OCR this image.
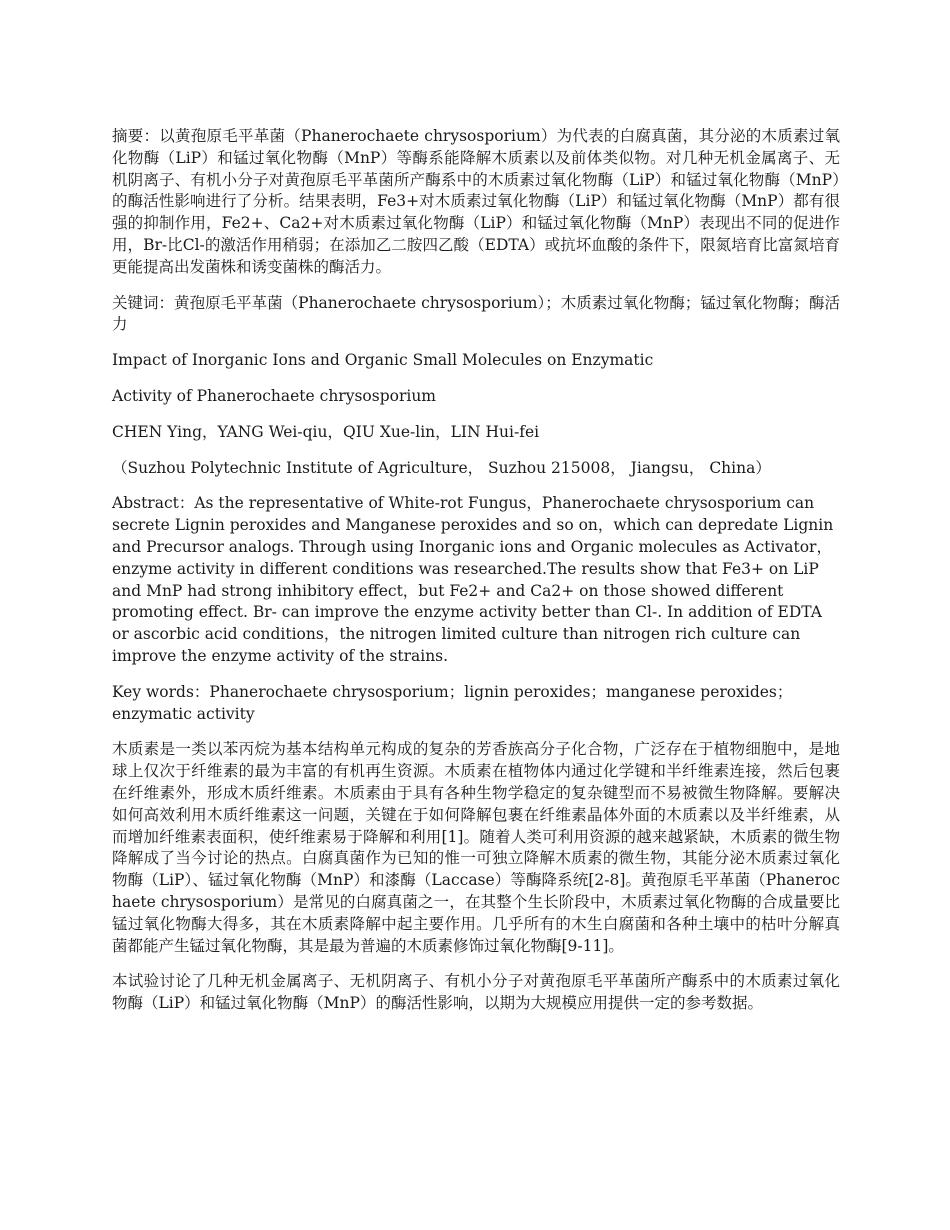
摘要：以黄孢原毛平革菌（Phanerochaete chrysosporium）为代表的白腐真菌，其分泌的木质素过氧化物酶（LiP）和锰过氧化物酶（MnP）等酶系能降解木质素以及前体类似物。对几种无机金属离子、无机阴离子、有机小分子对黄孢原毛平革菌所产酶系中的木质素过氧化物酶（LiP）和锰过氧化物酶（MnP）的酶活性影响进行了分析。结果表明，Fe3+对木质素过氧化物酶（LiP）和锰过氧化物酶（MnP）都有很强的抑制作用，Fe2+、Ca2+对木质素过氧化物酶（LiP）和锰过氧化物酶（MnP）表现出不同的促进作用，Br-比Cl-的激活作用稍弱；在添加乙二胺四乙酸（EDTA）或抗坏血酸的条件下，限氮培育比富氮培育更能提高出发菌株和诱变菌株的酶活力。

关键词：黄孢原毛平革菌（Phanerochaete chrysosporium）；木质素过氧化物酶；锰过氧化物酶；酶活力

Impact of Inorganic Ions and Organic Small Molecules on Enzymatic

Activity of Phanerochaete chrysosporium

CHEN Ying，YANG Wei-qiu，QIU Xue-lin，LIN Hui-fei

（Suzhou Polytechnic Institute of Agriculture， Suzhou 215008， Jiangsu， China）

Abstract：As the representative of White-rot Fungus，Phanerochaete chrysosporium can secrete Lignin peroxides and Manganese peroxides and so on，which can depredate Lignin and Precursor analogs. Through using Inorganic ions and Organic molecules as Activator，enzyme activity in different conditions was researched.The results show that Fe3+ on LiP and MnP had strong inhibitory effect，but Fe2+ and Ca2+ on those showed different promoting effect. Br- can improve the enzyme activity better than Cl-. In addition of EDTA or ascorbic acid conditions，the nitrogen limited culture than nitrogen rich culture can improve the enzyme activity of the strains.

Key words：Phanerochaete chrysosporium；lignin peroxides；manganese peroxides；enzymatic activity

木质素是一类以苯丙烷为基本结构单元构成的复杂的芳香族高分子化合物，广泛存在于植物细胞中，是地球上仅次于纤维素的最为丰富的有机再生资源。木质素在植物体内通过化学键和半纤维素连接，然后包裹在纤维素外，形成木质纤维素。木质素由于具有各种生物学稳定的复杂键型而不易被微生物降解。要解决如何高效利用木质纤维素这一问题，关键在于如何降解包裹在纤维素晶体外面的木质素以及半纤维素，从而增加纤维素表面积，使纤维素易于降解和利用[1]。随着人类可利用资源的越来越紧缺，木质素的微生物降解成了当今讨论的热点。白腐真菌作为已知的惟一可独立降解木质素的微生物，其能分泌木质素过氧化物酶（LiP）、锰过氧化物酶（MnP）和漆酶（Laccase）等酶降系统[2-8]。黄孢原毛平革菌（Phanerochaete chrysosporium）是常见的白腐真菌之一，在其整个生长阶段中，木质素过氧化物酶的合成量要比锰过氧化物酶大得多，其在木质素降解中起主要作用。几乎所有的木生白腐菌和各种土壤中的枯叶分解真菌都能产生锰过氧化物酶，其是最为普遍的木质素修饰过氧化物酶[9-11]。

本试验讨论了几种无机金属离子、无机阴离子、有机小分子对黄孢原毛平革菌所产酶系中的木质素过氧化物酶（LiP）和锰过氧化物酶（MnP）的酶活性影响，以期为大规模应用提供一定的参考数据。
